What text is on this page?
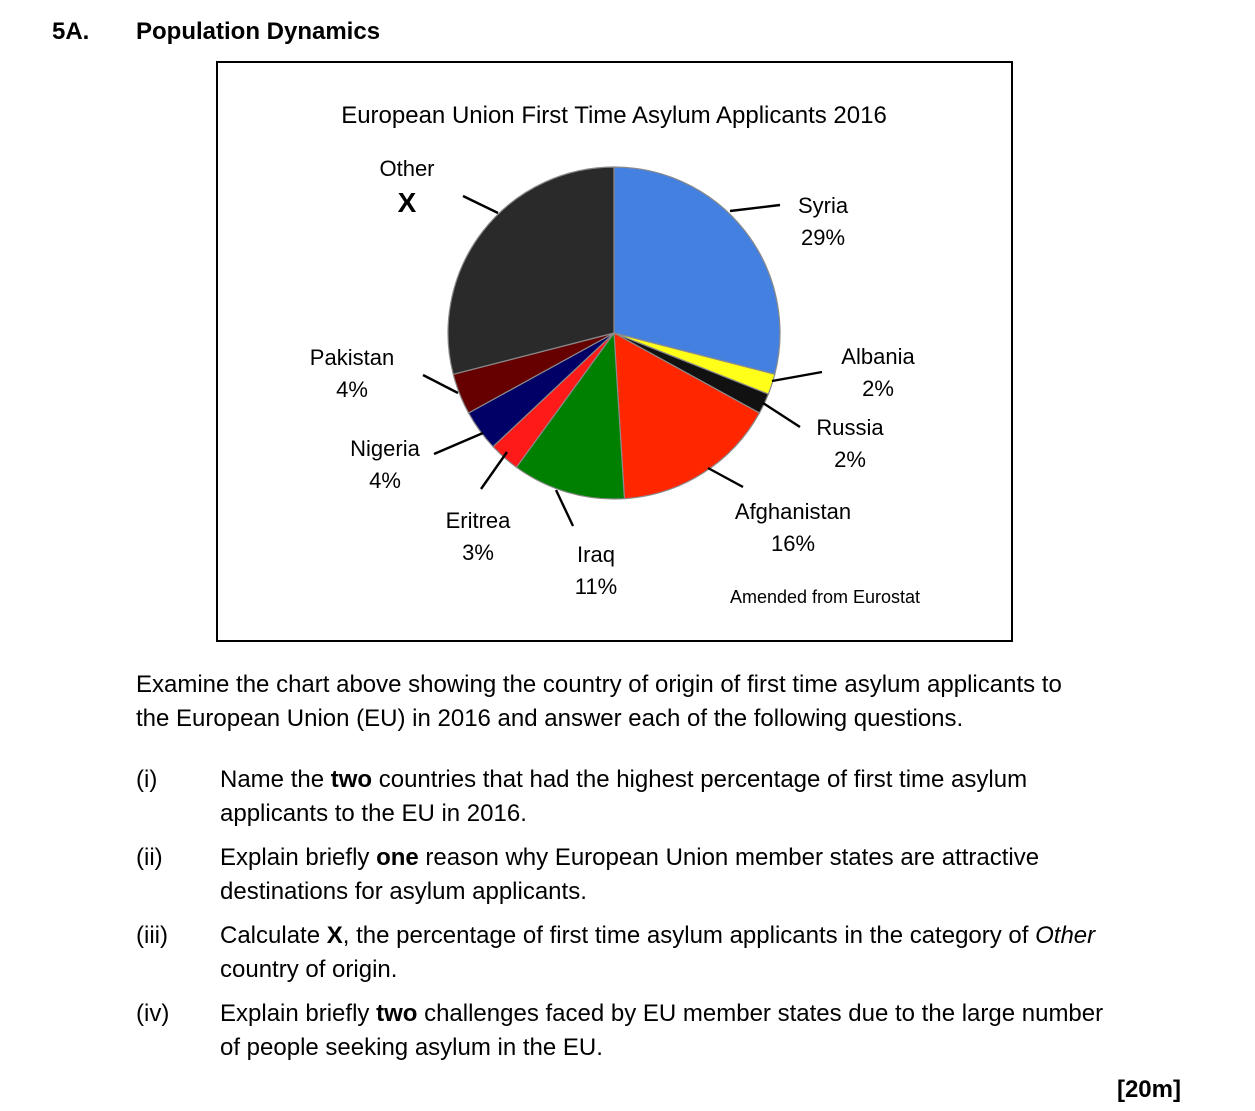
5A. Population Dynamics
European Union First Time Asylum Applicants 2016
Syria
29%
Albania
2%
Russia
2%
Afghanistan
16%
Iraq
11%
Eritrea
3%
Nigeria
4%
Pakistan
4%
Other
X
Amended from Eurostat
Examine the chart above showing the country of origin of first time asylum applicants to
the European Union (EU) in 2016 and answer each of the following questions.
(i)	Name the two countries that had the highest percentage of first time asylum
applicants to the EU in 2016.
(ii) Explain briefly one reason why European Union member states are attractive
destinations for asylum applicants.
(iii) Calculate X, the percentage of first time asylum applicants in the category of Other
country of origin.
(iv) Explain briefly two challenges faced by EU member states due to the large number
of people seeking asylum in the EU.
[20m]
